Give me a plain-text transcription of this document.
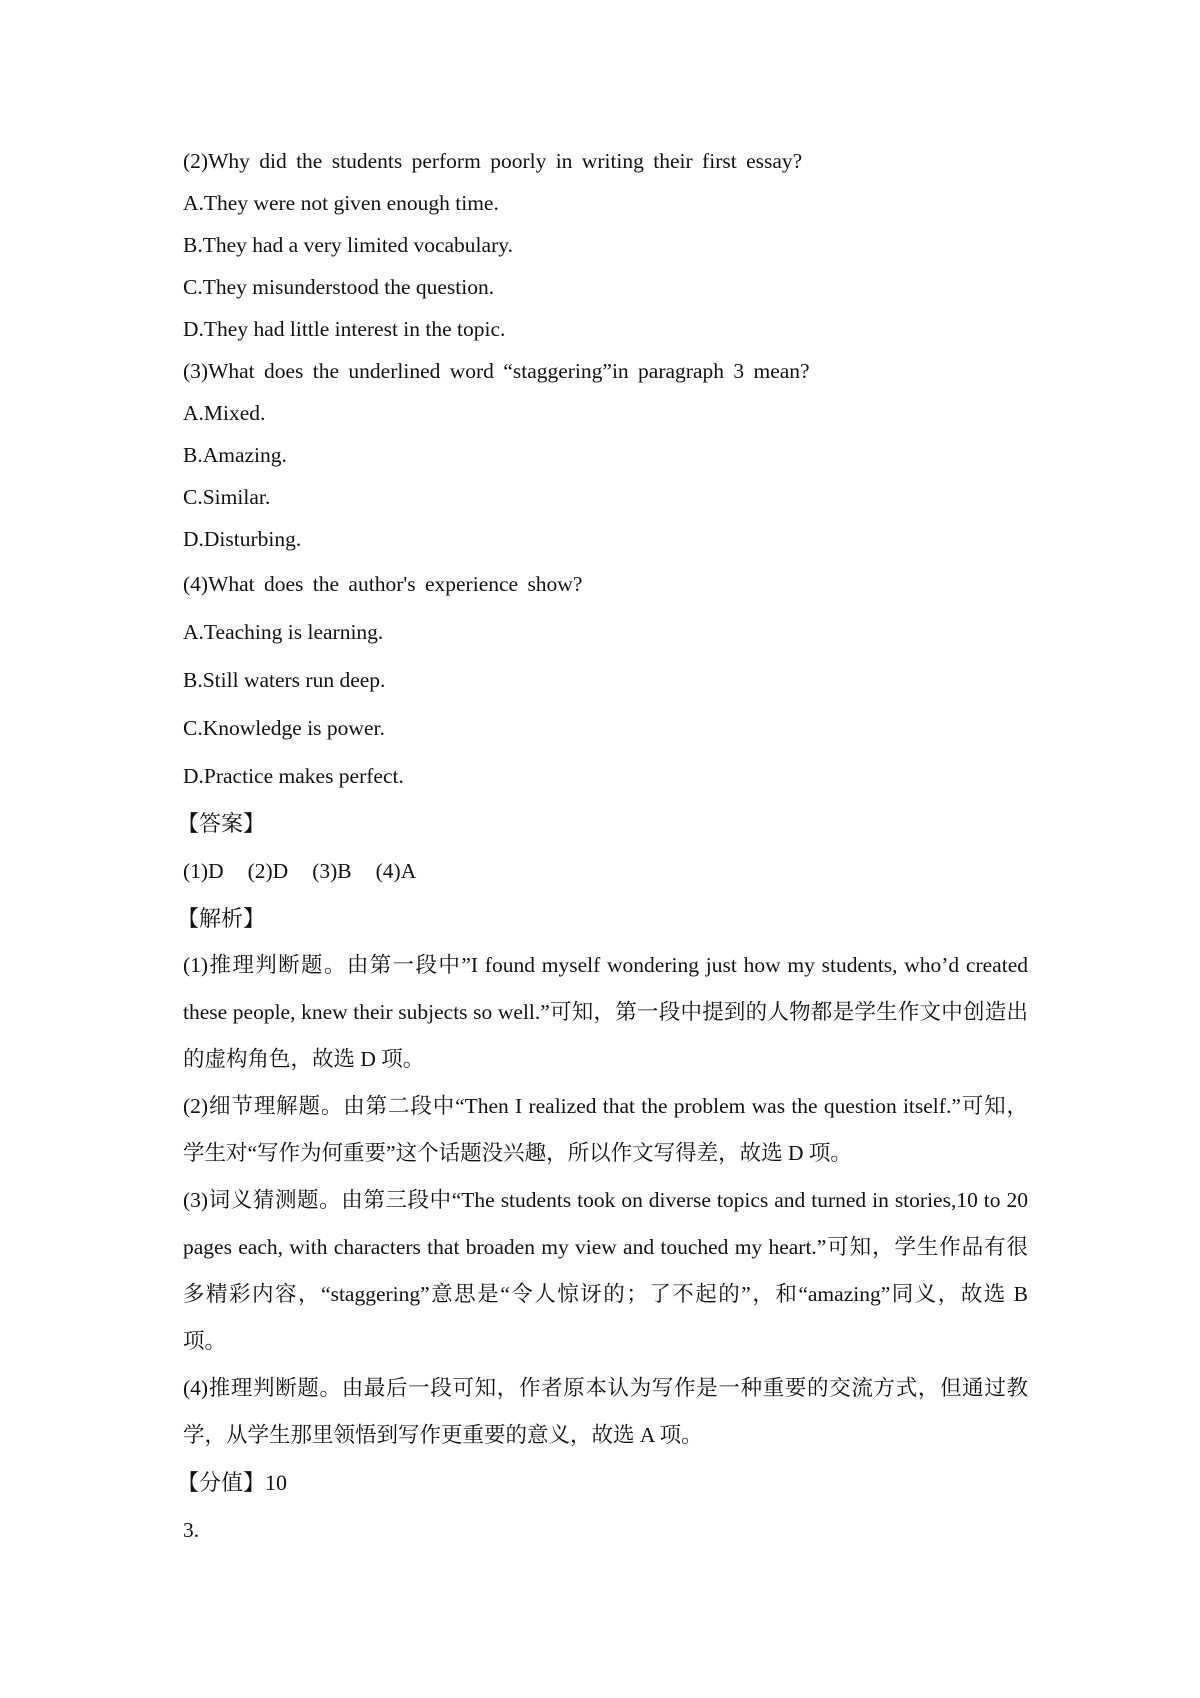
(2)Why did the students perform poorly in writing their first essay?
A.They were not given enough time.
B.They had a very limited vocabulary.
C.They misunderstood the question.
D.They had little interest in the topic.
(3)What does the underlined word “staggering”in paragraph 3 mean?
A.Mixed.
B.Amazing.
C.Similar.
D.Disturbing.
(4)What does the author's experience show?
A.Teaching is learning.
B.Still waters run deep.
C.Knowledge is power.
D.Practice makes perfect.
【答案】
(1)D (2)D (3)B (4)A
【解析】
(1)推理判断题。由第一段中”I found myself wondering just how my students, who’d created these people, knew their subjects so well.”可知，第一段中提到的人物都是学生作文中创造出的虚构角色，故选 D 项。
(2)细节理解题。由第二段中“Then I realized that the problem was the question itself.”可知，学生对“写作为何重要”这个话题没兴趣，所以作文写得差，故选 D 项。
(3)词义猜测题。由第三段中“The students took on diverse topics and turned in stories,10 to 20 pages each, with characters that broaden my view and touched my heart.”可知，学生作品有很多精彩内容，“staggering”意思是“令人惊讶的；了不起的”，和“amazing”同义，故选 B 项。
(4)推理判断题。由最后一段可知，作者原本认为写作是一种重要的交流方式，但通过教学，从学生那里领悟到写作更重要的意义，故选 A 项。
【分值】10
3.
